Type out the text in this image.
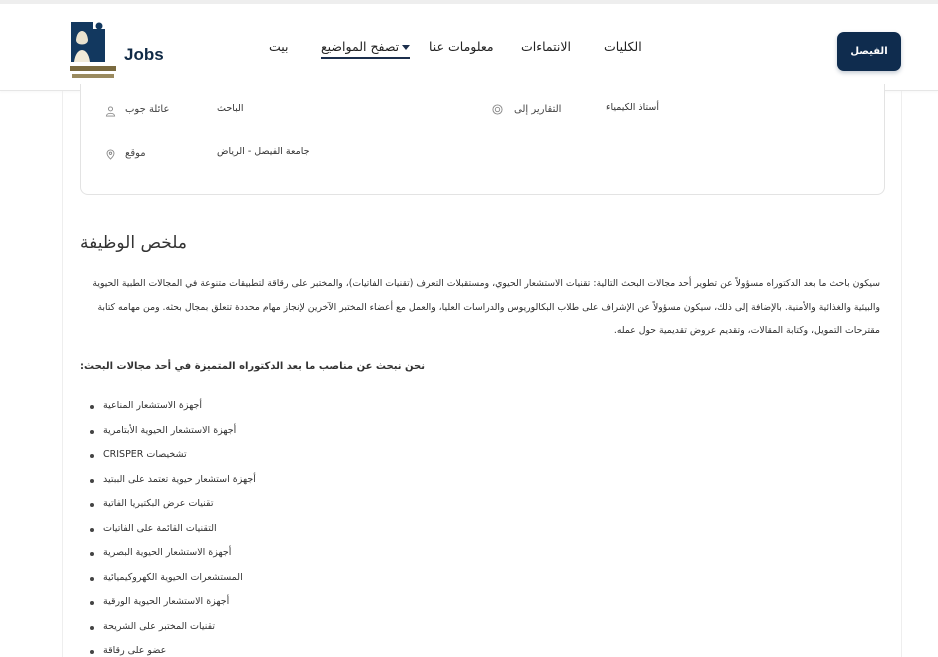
Jobs	الكليات
الانتماءات
معلومات عنا
تصفح المواضيع
بيت	الفيصل
عائلة جوب	الباحث	التقارير إلى	أستاذ الكيمياء
موقع	جامعة الفيصل - الرياض
ملخص الوظيفة
سيكون باحث ما بعد الدكتوراه مسؤولاً عن تطوير أحد مجالات البحث التالية: تقنيات الاستشعار الحيوي، ومستقبلات التعرف (تقنيات الفاتيات)، والمختبر على رقاقة لتطبيقات متنوعة في المجالات الطبية الحيوية والبيئية والغذائية والأمنية. بالإضافة إلى ذلك، سيكون مسؤولاً عن الإشراف على طلاب البكالوريوس والدراسات العليا، والعمل مع أعضاء المختبر الآخرين لإنجاز مهام محددة تتعلق بمجال بحثه. ومن مهامه كتابة مقترحات التمويل، وكتابة المقالات، وتقديم عروض تقديمية حول عمله.
نحن نبحث عن مناصب ما بعد الدكتوراه المتميزة في أحد مجالات البحث:
أجهزة الاستشعار المناعية
أجهزة الاستشعار الحيوية الأبتامرية
تشخيصات CRISPER
أجهزة استشعار حيوية تعتمد على الببتيد
تقنيات عرض البكتيريا الفاتية
التقنيات القائمة على الفاتيات
أجهزة الاستشعار الحيوية البصرية
المستشعرات الحيوية الكهروكيميائية
أجهزة الاستشعار الحيوية الورقية
تقنيات المختبر على الشريحة
عضو على رقاقة
